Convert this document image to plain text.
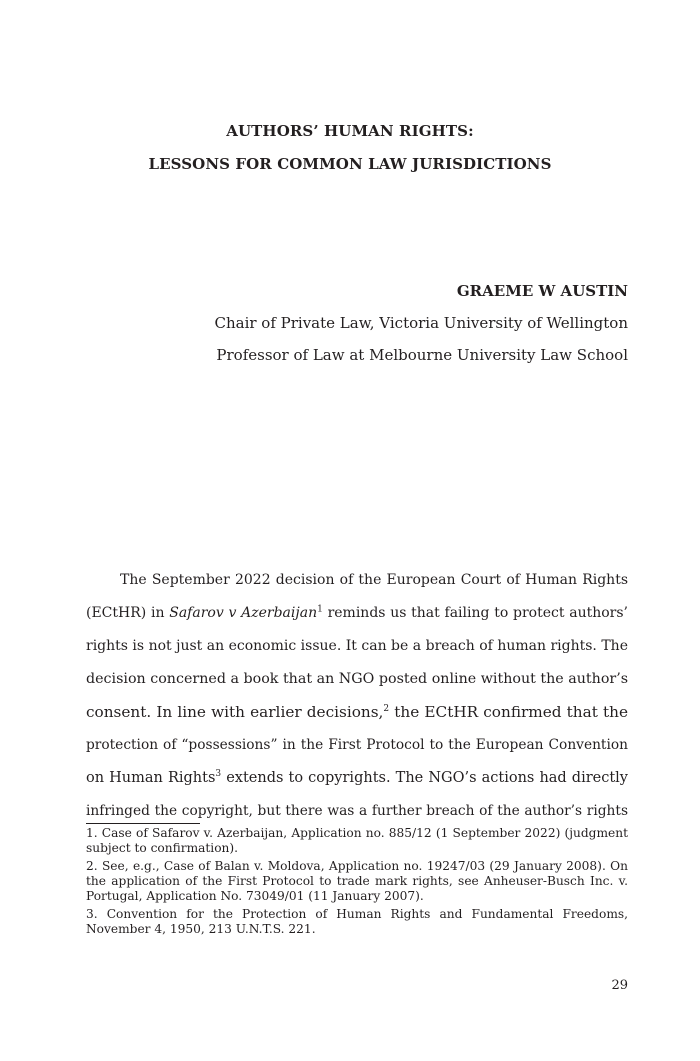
AUTHORS’ HUMAN RIGHTS:
LESSONS FOR COMMON LAW JURISDICTIONS
GRAEME W AUSTIN
Chair of Private Law, Victoria University of Wellington
Professor of Law at Melbourne University Law School
The September 2022 decision of the European Court of Human Rights
(ECtHR) in Safarov v Azerbaijan$^1$ reminds us that failing to protect authors’
rights is not just an economic issue. It can be a breach of human rights. The
decision concerned a book that an NGO posted online without the author’s
consent. In line with earlier decisions,$^2$ the ECtHR confirmed that the
protection of “possessions” in the First Protocol to the European Convention
on Human Rights$^3$ extends to copyrights. The NGO’s actions had directly
infringed the copyright, but there was a further breach of the author’s rights

1. Case of Safarov v. Azerbaijan, Application no. 885/12 (1 September 2022) (judgment subject to confirmation).

2. See, e.g., Case of Balan v. Moldova, Application no. 19247/03 (29 January 2008). On the application of the First Protocol to trade mark rights, see Anheuser-Busch Inc. v. Portugal, Application No. 73049/01 (11 January 2007).

3. Convention for the Protection of Human Rights and Fundamental Freedoms, November 4, 1950, 213 U.N.T.S. 221.

29
